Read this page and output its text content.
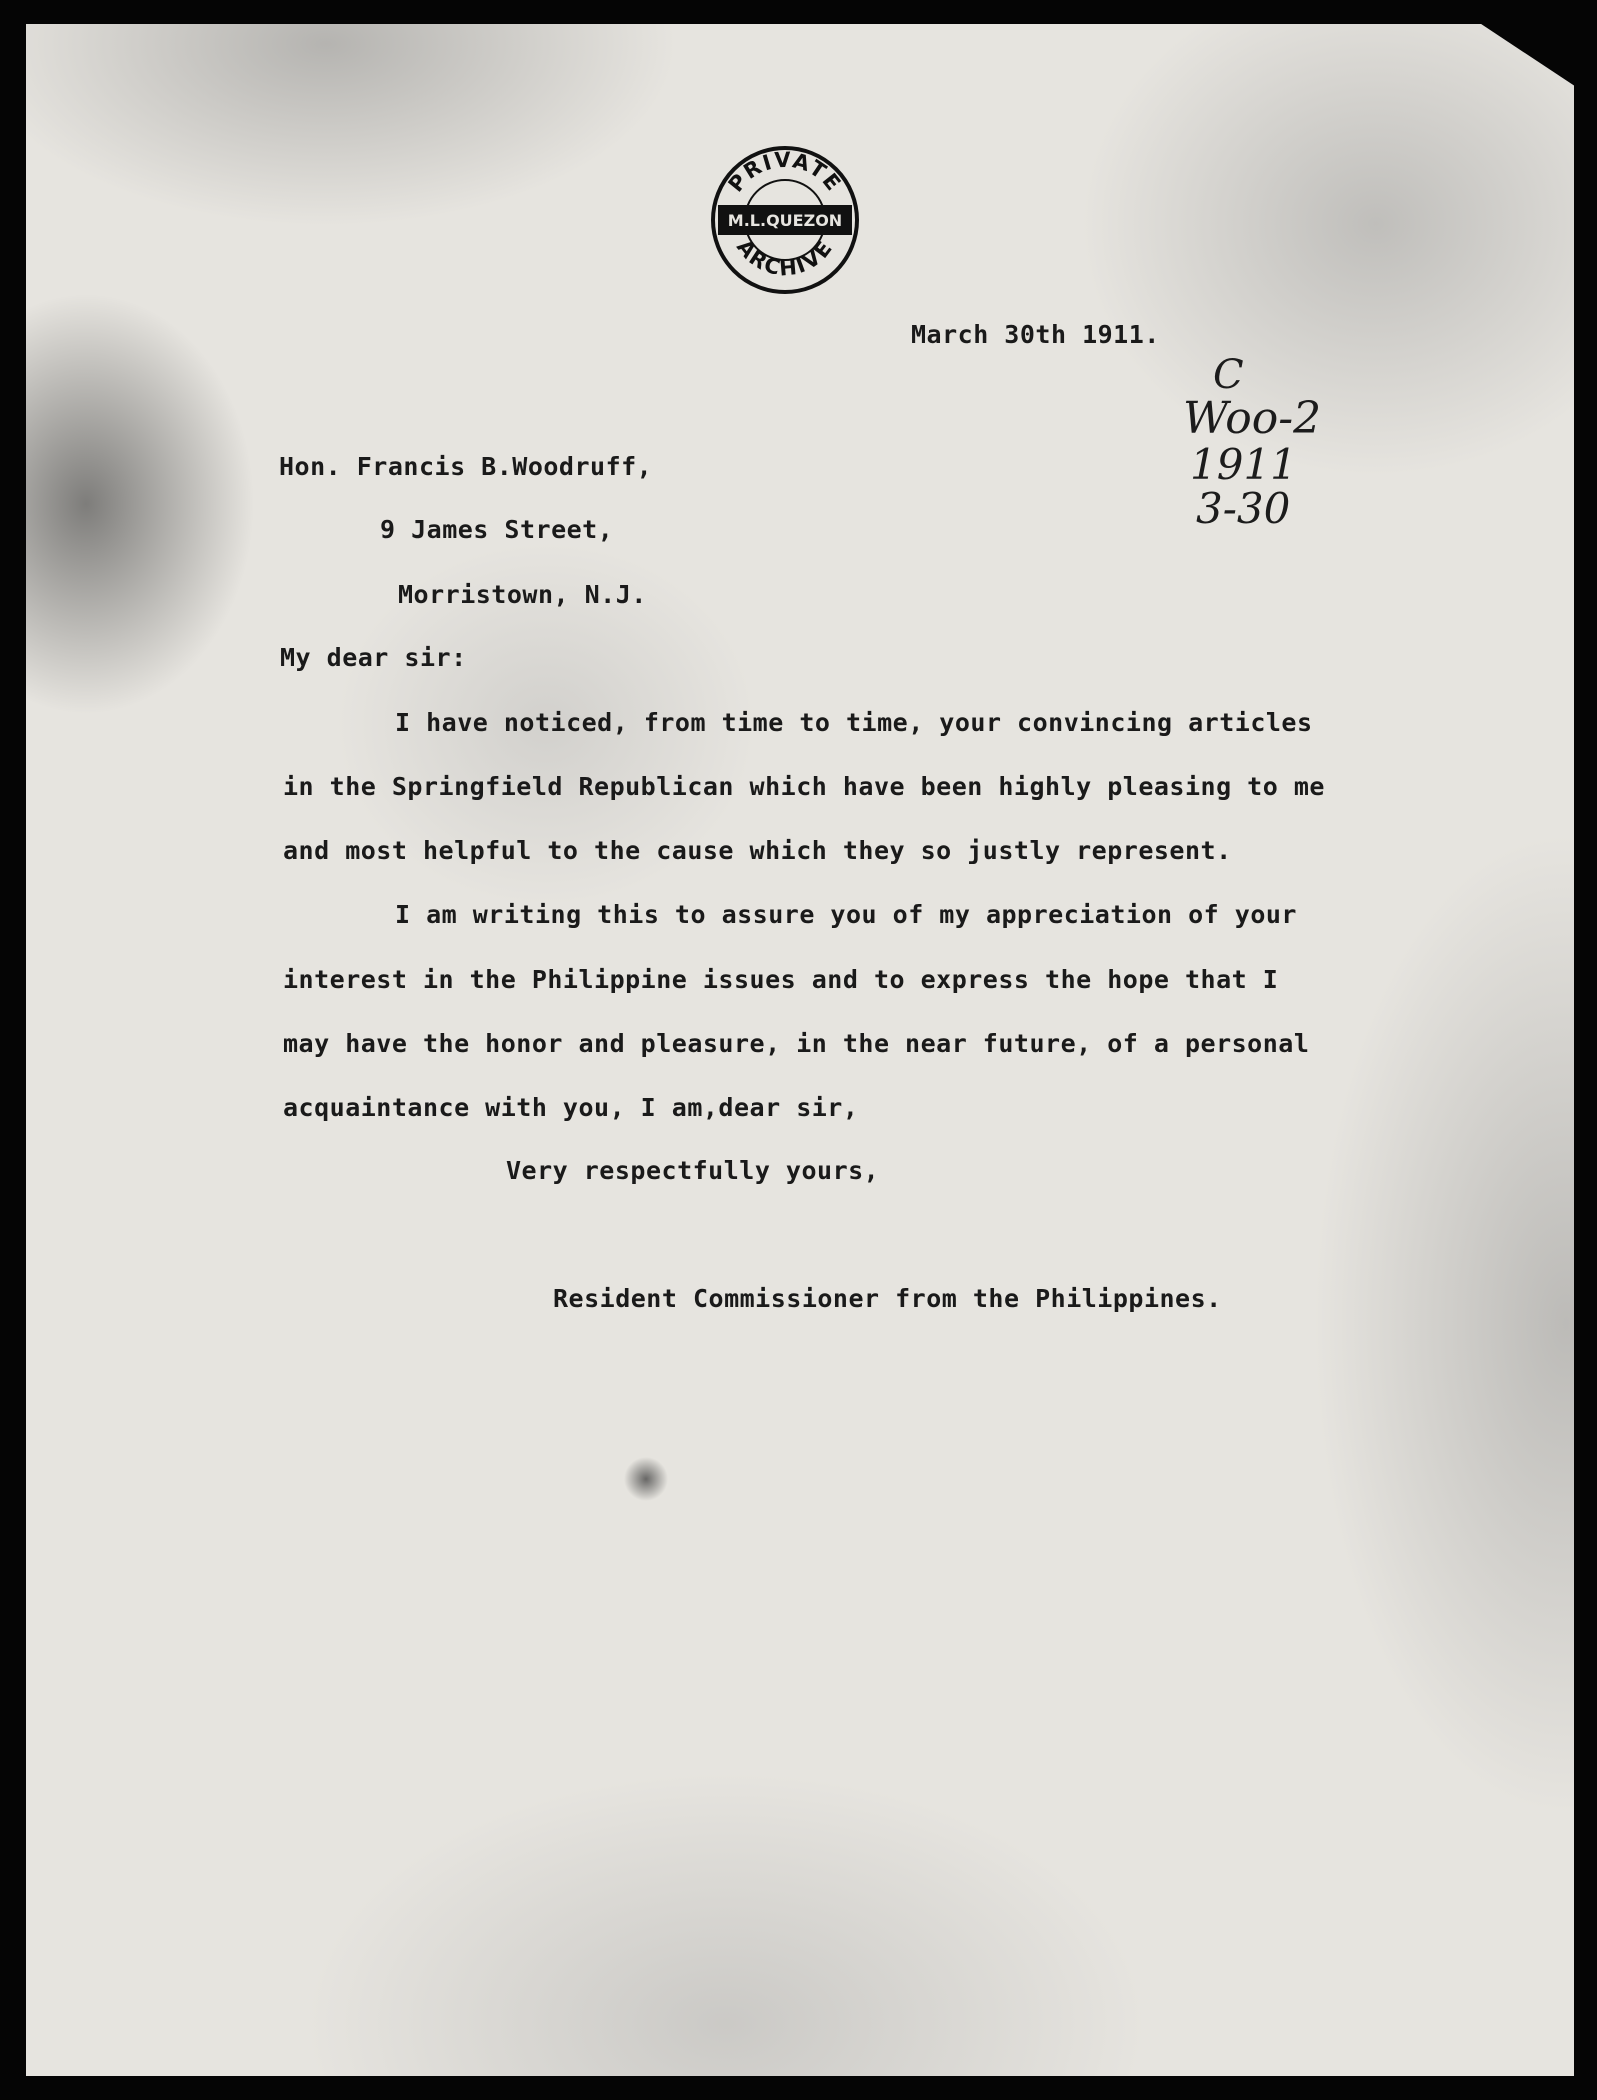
PRIVATE
M.L.QUEZON
ARCHIVE
March 30th 1911.
C
Woo-2
1911
3-30
Hon. Francis B.Woodruff,
9 James Street,
Morristown, N.J.
My dear sir:
I have noticed, from time to time, your convincing articles
in the Springfield Republican which have been highly pleasing to me
and most helpful to the cause which they so justly represent.
I am writing this to assure you of my appreciation of your
interest in the Philippine issues and to express the hope that I
may have the honor and pleasure, in the near future, of a personal
acquaintance with you, I am,dear sir,
Very respectfully yours,
Resident Commissioner from the Philippines.
